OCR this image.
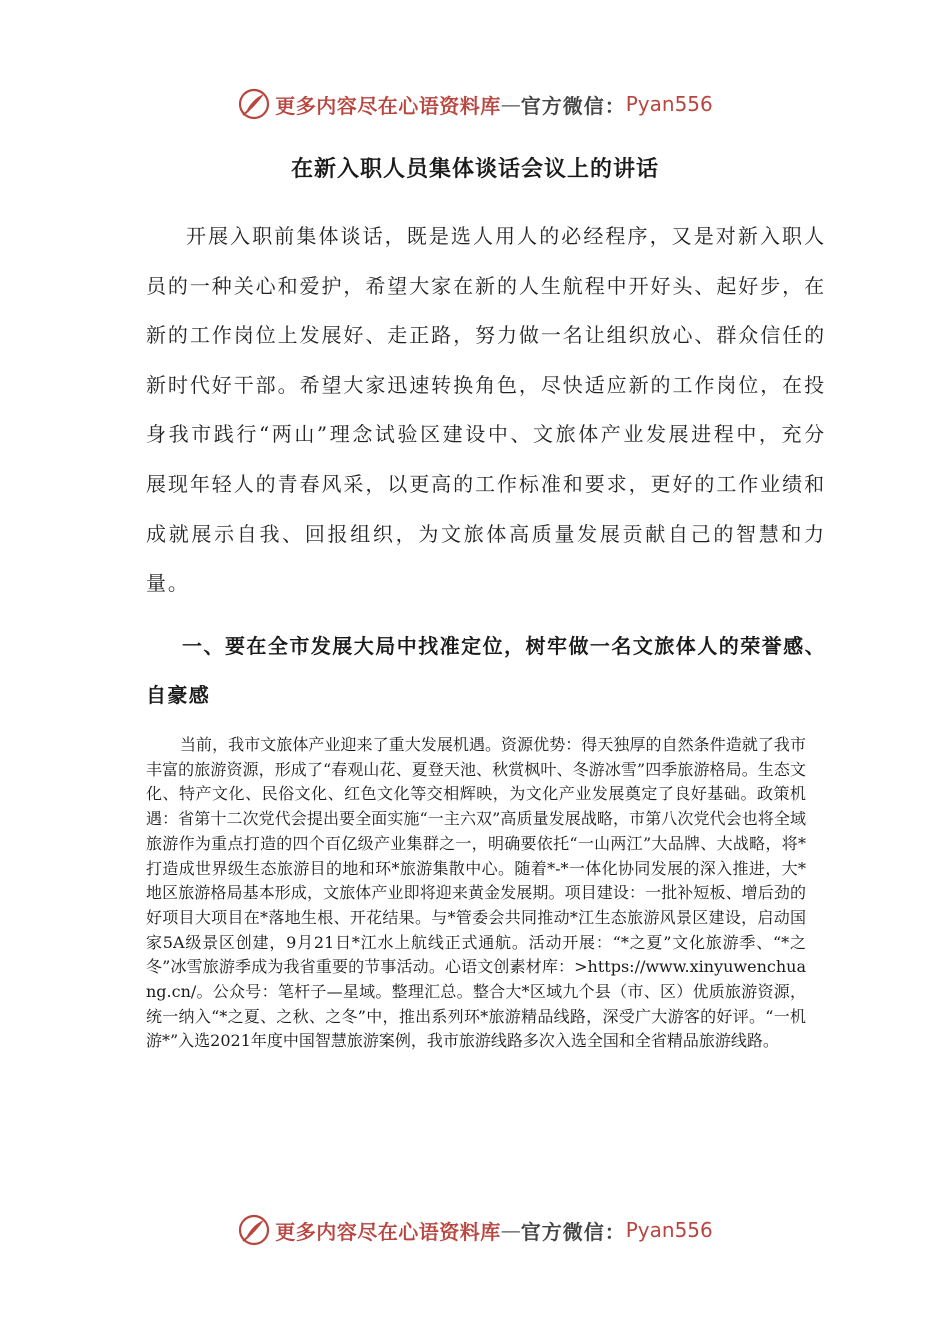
更多内容尽在心语资料库 — 官方微信： Pyan556
在新入职人员集体谈话会议上的讲话

开展入职前集体谈话，既是选人用人的必经程序，又是对新入职人员的一种关心和爱护，希望大家在新的人生航程中开好头、起好步，在新的工作岗位上发展好、走正路，努力做一名让组织放心、群众信任的新时代好干部。希望大家迅速转换角色，尽快适应新的工作岗位，在投身我市践行“两山”理念试验区建设中、文旅体产业发展进程中，充分展现年轻人的青春风采，以更高的工作标准和要求，更好的工作业绩和成就展示自我、回报组织，为文旅体高质量发展贡献自己的智慧和力量。

一、要在全市发展大局中找准定位，树牢做一名文旅体人的荣誉感、自豪感

当前，我市文旅体产业迎来了重大发展机遇。资源优势：得天独厚的自然条件造就了我市丰富的旅游资源，形成了“春观山花、夏登天池、秋赏枫叶、冬游冰雪”四季旅游格局。生态文化、特产文化、民俗文化、红色文化等交相辉映，为文化产业发展奠定了良好基础。政策机遇：省第十二次党代会提出要全面实施“一主六双”高质量发展战略，市第八次党代会也将全域旅游作为重点打造的四个百亿级产业集群之一，明确要依托“一山两江”大品牌、大战略，将*打造成世界级生态旅游目的地和环*旅游集散中心。随着*-*一体化协同发展的深入推进，大*地区旅游格局基本形成，文旅体产业即将迎来黄金发展期。项目建设：一批补短板、增后劲的好项目大项目在*落地生根、开花结果。与*管委会共同推动*江生态旅游风景区建设，启动国家5A级景区创建，9月21日*江水上航线正式通航。活动开展：“*之夏”文化旅游季、“*之冬”冰雪旅游季成为我省重要的节事活动。心语文创素材库：>https://www.xinyuwenchuang.cn/。公众号：笔杆子—星域。整理汇总。整合大*区域九个县（市、区）优质旅游资源，统一纳入“*之夏、之秋、之冬”中，推出系列环*旅游精品线路，深受广大游客的好评。“一机游*”入选2021年度中国智慧旅游案例，我市旅游线路多次入选全国和全省精品旅游线路。

更多内容尽在心语资料库 — 官方微信： Pyan556
